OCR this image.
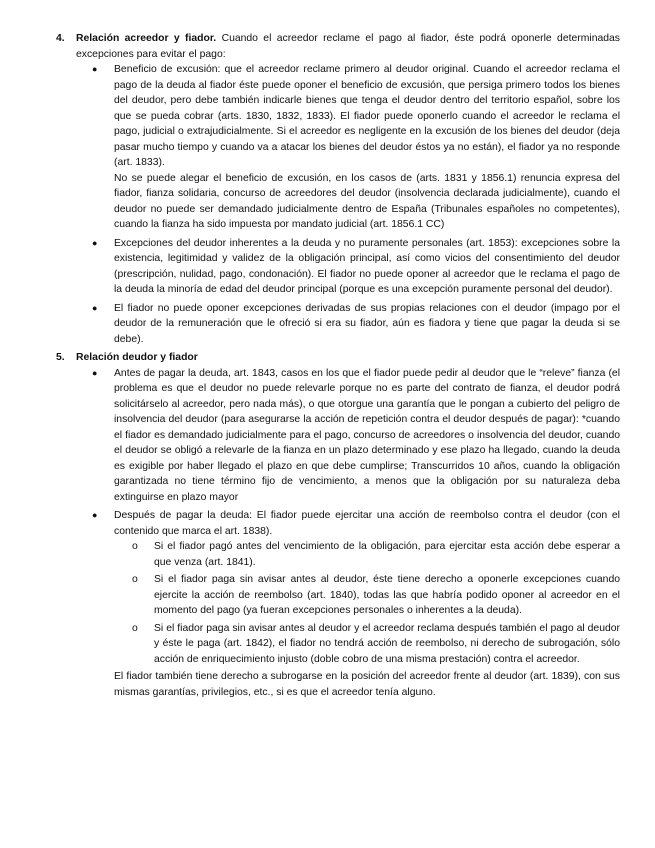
4. Relación acreedor y fiador. Cuando el acreedor reclame el pago al fiador, éste podrá oponerle determinadas excepciones para evitar el pago:
● Beneficio de excusión: que el acreedor reclame primero al deudor original. Cuando el acreedor reclama el pago de la deuda al fiador éste puede oponer el beneficio de excusión, que persiga primero todos los bienes del deudor, pero debe también indicarle bienes que tenga el deudor dentro del territorio español, sobre los que se pueda cobrar (arts. 1830, 1832, 1833). El fiador puede oponerlo cuando el acreedor le reclama el pago, judicial o extrajudicialmente. Si el acreedor es negligente en la excusión de los bienes del deudor (deja pasar mucho tiempo y cuando va a atacar los bienes del deudor éstos ya no están), el fiador ya no responde (art. 1833).

No se puede alegar el beneficio de excusión, en los casos de (arts. 1831 y 1856.1) renuncia expresa del fiador, fianza solidaria, concurso de acreedores del deudor (insolvencia declarada judicialmente), cuando el deudor no puede ser demandado judicialmente dentro de España (Tribunales españoles no competentes), cuando la fianza ha sido impuesta por mandato judicial (art. 1856.1 CC)

● Excepciones del deudor inherentes a la deuda y no puramente personales (art. 1853): excepciones sobre la existencia, legitimidad y validez de la obligación principal, así como vicios del consentimiento del deudor (prescripción, nulidad, pago, condonación). El fiador no puede oponer al acreedor que le reclama el pago de la deuda la minoría de edad del deudor principal (porque es una excepción puramente personal del deudor).

● El fiador no puede oponer excepciones derivadas de sus propias relaciones con el deudor (impago por el deudor de la remuneración que le ofreció si era su fiador, aún es fiadora y tiene que pagar la deuda si se debe).

5. Relación deudor y fiador
● Antes de pagar la deuda, art. 1843, casos en los que el fiador puede pedir al deudor que le “releve” fianza (el problema es que el deudor no puede relevarle porque no es parte del contrato de fianza, el deudor podrá solicitárselo al acreedor, pero nada más), o que otorgue una garantía que le pongan a cubierto del peligro de insolvencia del deudor (para asegurarse la acción de repetición contra el deudor después de pagar): *cuando el fiador es demandado judicialmente para el pago, concurso de acreedores o insolvencia del deudor, cuando el deudor se obligó a relevarle de la fianza en un plazo determinado y ese plazo ha llegado, cuando la deuda es exigible por haber llegado el plazo en que debe cumplirse; Transcurridos 10 años, cuando la obligación garantizada no tiene término fijo de vencimiento, a menos que la obligación por su naturaleza deba extinguirse en plazo mayor

● Después de pagar la deuda: El fiador puede ejercitar una acción de reembolso contra el deudor (con el contenido que marca el art. 1838).

o Si el fiador pagó antes del vencimiento de la obligación, para ejercitar esta acción debe esperar a que venza (art. 1841).
o Si el fiador paga sin avisar antes al deudor, éste tiene derecho a oponerle excepciones cuando ejercite la acción de reembolso (art. 1840), todas las que habría podido oponer al acreedor en el momento del pago (ya fueran excepciones personales o inherentes a la deuda).
o Si el fiador paga sin avisar antes al deudor y el acreedor reclama después también el pago al deudor y éste le paga (art. 1842), el fiador no tendrá acción de reembolso, ni derecho de subrogación, sólo acción de enriquecimiento injusto (doble cobro de una misma prestación) contra el acreedor.

El fiador también tiene derecho a subrogarse en la posición del acreedor frente al deudor (art. 1839), con sus mismas garantías, privilegios, etc., si es que el acreedor tenía alguno.
